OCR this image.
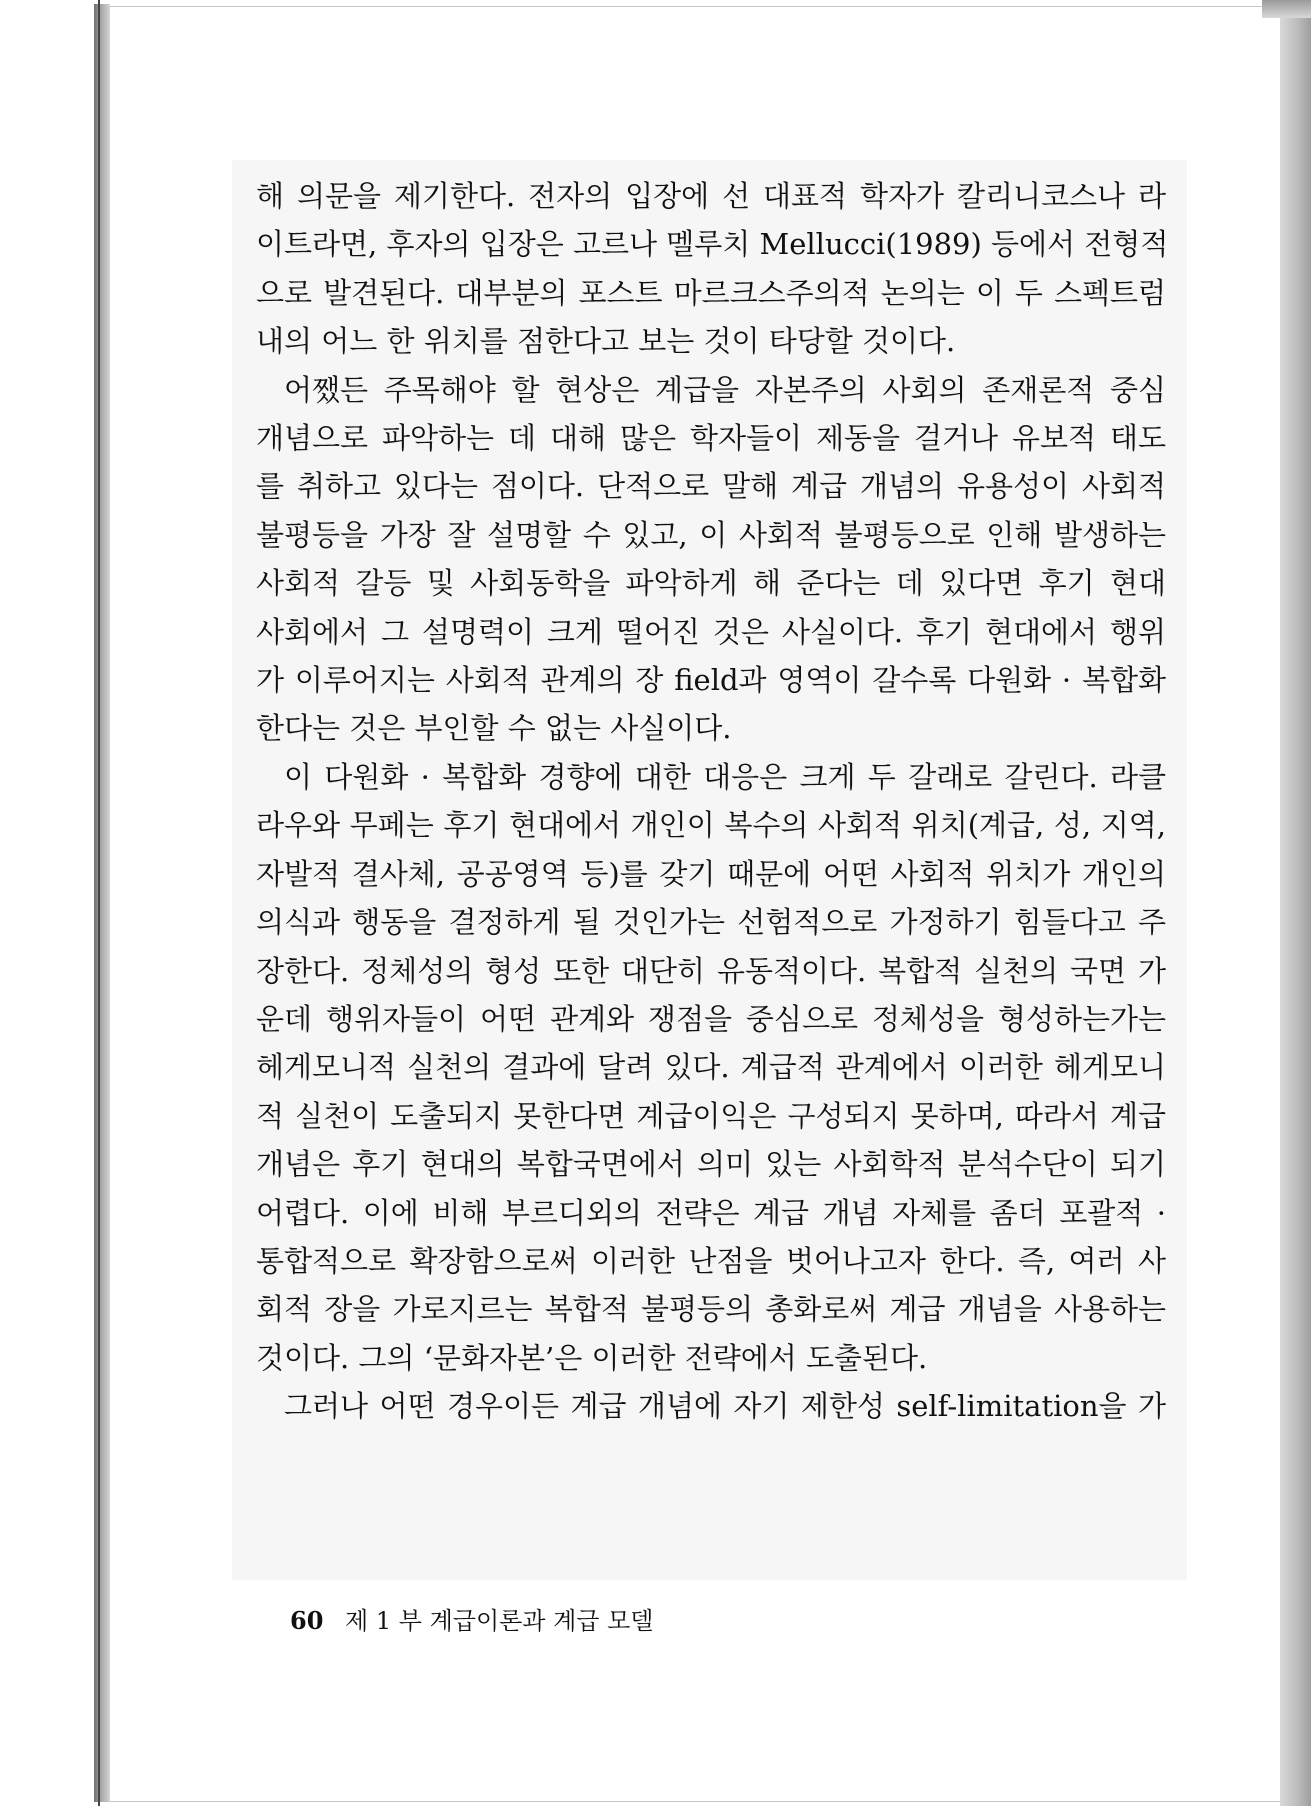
해 의문을 제기한다. 전자의 입장에 선 대표적 학자가 칼리니코스나 라
이트라면, 후자의 입장은 고르나 멜루치 Mellucci(1989) 등에서 전형적
으로 발견된다. 대부분의 포스트 마르크스주의적 논의는 이 두 스펙트럼
내의 어느 한 위치를 점한다고 보는 것이 타당할 것이다.
어쨌든 주목해야 할 현상은 계급을 자본주의 사회의 존재론적 중심
개념으로 파악하는 데 대해 많은 학자들이 제동을 걸거나 유보적 태도
를 취하고 있다는 점이다. 단적으로 말해 계급 개념의 유용성이 사회적
불평등을 가장 잘 설명할 수 있고, 이 사회적 불평등으로 인해 발생하는
사회적 갈등 및 사회동학을 파악하게 해 준다는 데 있다면 후기 현대
사회에서 그 설명력이 크게 떨어진 것은 사실이다. 후기 현대에서 행위
가 이루어지는 사회적 관계의 장 field과 영역이 갈수록 다원화 · 복합화
한다는 것은 부인할 수 없는 사실이다.
이 다원화 · 복합화 경향에 대한 대응은 크게 두 갈래로 갈린다. 라클
라우와 무페는 후기 현대에서 개인이 복수의 사회적 위치(계급, 성, 지역,
자발적 결사체, 공공영역 등)를 갖기 때문에 어떤 사회적 위치가 개인의
의식과 행동을 결정하게 될 것인가는 선험적으로 가정하기 힘들다고 주
장한다. 정체성의 형성 또한 대단히 유동적이다. 복합적 실천의 국면 가
운데 행위자들이 어떤 관계와 쟁점을 중심으로 정체성을 형성하는가는
헤게모니적 실천의 결과에 달려 있다. 계급적 관계에서 이러한 헤게모니
적 실천이 도출되지 못한다면 계급이익은 구성되지 못하며, 따라서 계급
개념은 후기 현대의 복합국면에서 의미 있는 사회학적 분석수단이 되기
어렵다. 이에 비해 부르디외의 전략은 계급 개념 자체를 좀더 포괄적 ·
통합적으로 확장함으로써 이러한 난점을 벗어나고자 한다. 즉, 여러 사
회적 장을 가로지르는 복합적 불평등의 총화로써 계급 개념을 사용하는
것이다. 그의 ‘문화자본’은 이러한 전략에서 도출된다.
그러나 어떤 경우이든 계급 개념에 자기 제한성 self-limitation을 가
60 제 1 부 계급이론과 계급 모델
